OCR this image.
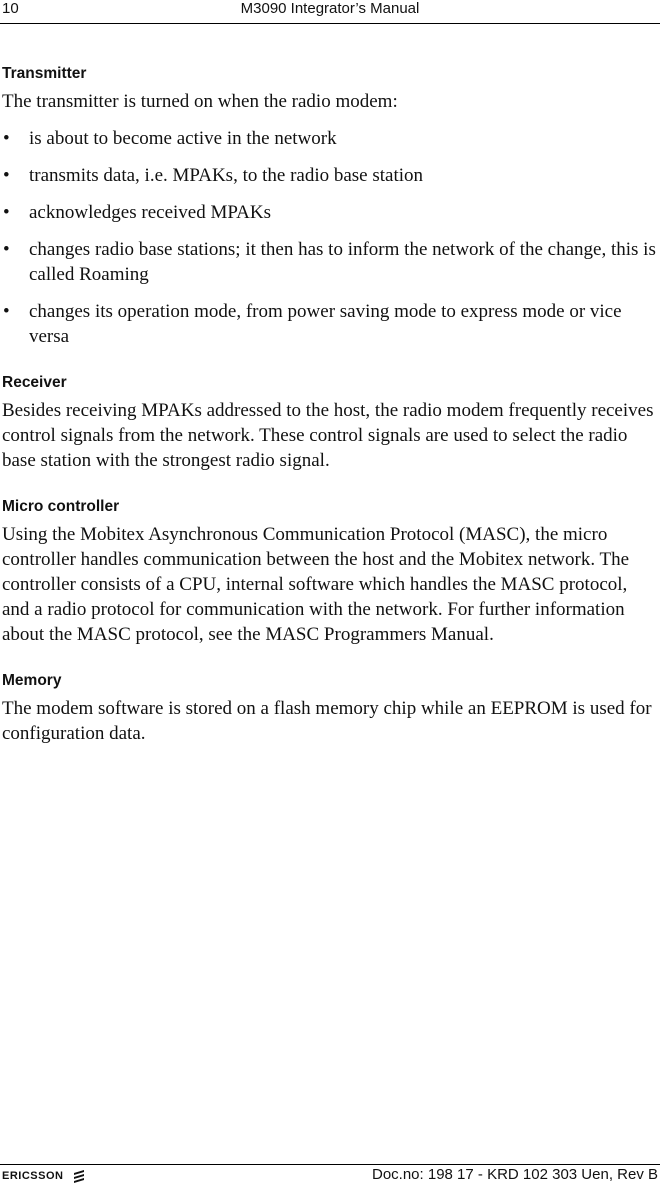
10	M3090 Integrator’s Manual
Transmitter

The transmitter is turned on when the radio modem:

• is about to become active in the network
• transmits data, i.e. MPAKs, to the radio base station
• acknowledges received MPAKs
• changes radio base stations; it then has to inform the network of the change, this is called Roaming
• changes its operation mode, from power saving mode to express mode or vice versa
Receiver

Besides receiving MPAKs addressed to the host, the radio modem frequently receives control signals from the network. These control signals are used to select the radio base station with the strongest radio signal.

Micro controller

Using the Mobitex Asynchronous Communication Protocol (MASC), the micro controller handles communication between the host and the Mobitex network. The controller consists of a CPU, internal software which handles the MASC protocol, and a radio protocol for communication with the network. For further information about the MASC protocol, see the MASC Programmers Manual.

Memory

The modem software is stored on a flash memory chip while an EEPROM is used for configuration data.

ERICSSON	Doc.no: 198 17 - KRD 102 303 Uen, Rev B
